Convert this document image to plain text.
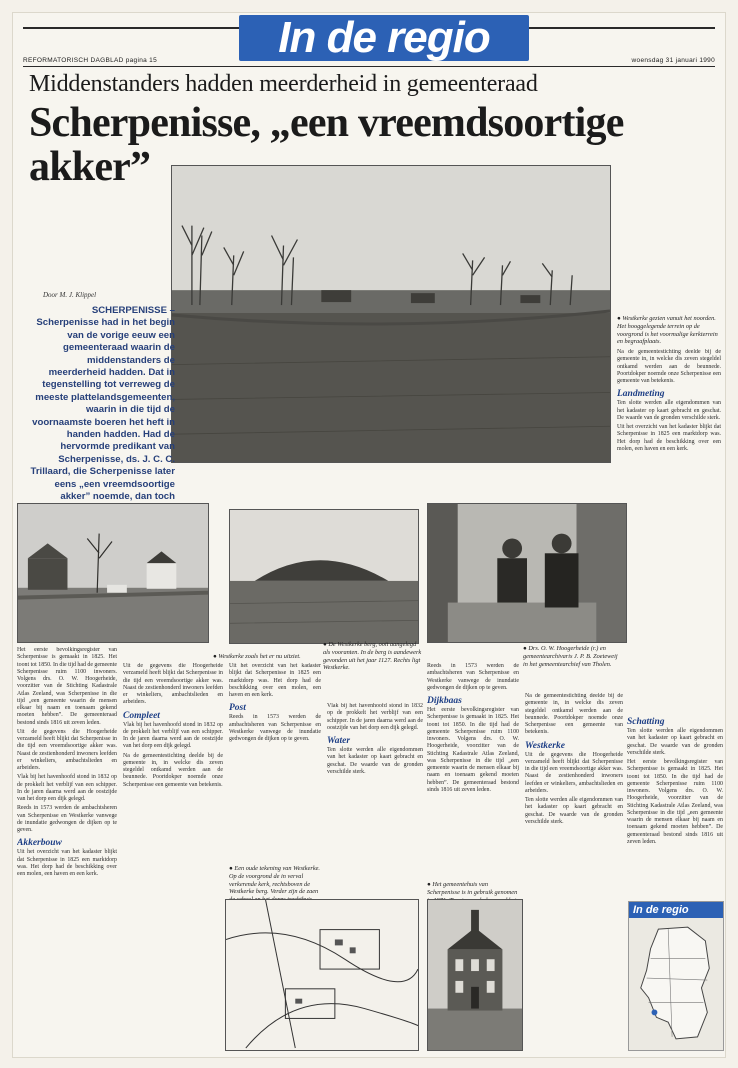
In de regio
REFORMATORISCH DAGBLAD pagina 15	woensdag 31 januari 1990
Middenstanders hadden meerderheid in gemeenteraad
Scherpenisse, „een vreemdsoortige akker”
Door M. J. Klippel
SCHERPENISSE – Scherpenisse had in het begin van de vorige eeuw een gemeenteraad waarin de middenstanders de meerderheid hadden. Dat in tegenstelling tot verreweg de meeste plattelandsgemeenten, waarin in die tijd de voornaamste boeren het heft in handen hadden. Had de hervormde predikant van Scherpenisse, ds. J. C. C. Trillaard, die Scherpenisse later eens „een vreemdsoortige akker” noemde, dan toch
● Westkerke gezien vanuit het noorden. Het hooggelegende terrein op de voorgrond is het voormalige kerkterrein en begraafplaats.

Na de gemeentestichting deelde bij de gemeente in, in welcke dis zeven stegeldel ontkamd werden aan de beunnede. Poortdokper noemde onze Scherpenisse een gemeente van betekenis.

Landmeting

Ten slotte werden alle eigendommen van het kadaster op kaart gebracht en geschat. De waarde van de gronden verschilde sterk.

Uit het overzicht van het kadaster blijkt dat Scherpenisse in 1825 een marktdorp was. Het dorp had de beschikking over een molen, een haven en een kerk.

● Westkerke zoals het er nu uitziet.
● De Westkerke berg, ooit aangelegd als vooranten. In de berg is aandewerk gevonden uit het jaar 1127. Rechts ligt Westkerke.
● Drs. O. W. Hoogerheide (r.) en gemeentearchivaris J. P. B. Zoeteweij in het gemeentearchief van Tholen.

Het eerste bevolkingsregister van Scherpenisse is gemaakt in 1825. Het toont tot 1850. In die tijd had de gemeente Scherpenisse ruim 1100 inwoners. Volgens drs. O. W. Hoogerheide, voorzitter van de Stichting Kadastrale Atlas Zeeland, was Scherpenisse in die tijd „een gemeente waarin de mensen elkaar bij naam en toenaam gekend moeten hebben”. De gemeenteraad bestond sinds 1816 uit zeven leden.

Uit de gegevens die Hoogerheide verzameld heeft blijkt dat Scherpenisse in die tijd een vreemdsoortige akker was. Naast de zestienhonderd inwoners leefden er winkeliers, ambachtslieden en arbeiders.

Vlak bij het havenhoofd stond in 1832 op de prokkelt het verblijf van een schipper. In de jaren daarna werd aan de oostzijde van het dorp een dijk gelegd.

Reeds in 1573 werden de ambachtsheren van Scherpenisse en Westkerke vanwege de inundatie gedwongen de dijken op te geven.

Akkerbouw

Uit het overzicht van het kadaster blijkt dat Scherpenisse in 1825 een marktdorp was. Het dorp had de beschikking over een molen, een haven en een kerk.

Uit de gegevens die Hoogerheide verzameld heeft blijkt dat Scherpenisse in die tijd een vreemdsoortige akker was. Naast de zestienhonderd inwoners leefden er winkeliers, ambachtslieden en arbeiders.

Compleet

Vlak bij het havenhoofd stond in 1832 op de prokkelt het verblijf van een schipper. In de jaren daarna werd aan de oostzijde van het dorp een dijk gelegd.

Na de gemeentestichting deelde bij de gemeente in, in welcke dis zeven stegeldel ontkamd werden aan de beunnede. Poortdokper noemde onze Scherpenisse een gemeente van betekenis.

Uit het overzicht van het kadaster blijkt dat Scherpenisse in 1825 een marktdorp was. Het dorp had de beschikking over een molen, een haven en een kerk.

Post

Reeds in 1573 werden de ambachtsheren van Scherpenisse en Westkerke vanwege de inundatie gedwongen de dijken op te geven.

● Een oude tekening van Westkerke. Op de voorgrond de in verval verkerende kerk, rechtsboven de Westkerke berg. Verder zijn de zaen

Vlak bij het havenhoofd stond in 1832 op de prokkelt het verblijf van een schipper. In de jaren daarna werd aan de oostzijde van het dorp een dijk gelegd.

Water

Ten slotte werden alle eigendommen van het kadaster op kaart gebracht en geschat. De waarde van de gronden verschilde sterk.

Reeds in 1573 werden de ambachtsheren van Scherpenisse en Westkerke vanwege de inundatie gedwongen de dijken op te geven.

Dijkbaas

Het eerste bevolkingsregister van Scherpenisse is gemaakt in 1825. Het toont tot 1850. In die tijd had de gemeente Scherpenisse ruim 1100 inwoners. Volgens drs. O. W. Hoogerheide, voorzitter van de Stichting Kadastrale Atlas Zeeland, was Scherpenisse in die tijd „een gemeente waarin de mensen elkaar bij naam en toenaam gekend moeten hebben”. De gemeenteraad bestond sinds 1816 uit zeven leden.

● Het gemeentehuis van Scherpenisse is in gebruik genomen

Na de gemeentestichting deelde bij de gemeente in, in welcke dis zeven stegeldel ontkamd werden aan de beunnede. Poortdokper noemde onze Scherpenisse een gemeente van betekenis.

Westkerke

Uit de gegevens die Hoogerheide verzameld heeft blijkt dat Scherpenisse in die tijd een vreemdsoortige akker was. Naast de zestienhonderd inwoners leefden er winkeliers, ambachtslieden en arbeiders.

Ten slotte werden alle eigendommen van het kadaster op kaart gebracht en geschat. De waarde van de gronden verschilde sterk.

Schatting

Ten slotte werden alle eigendommen van het kadaster op kaart gebracht en geschat. De waarde van de gronden verschilde sterk.

Het eerste bevolkingsregister van Scherpenisse is gemaakt in 1825. Het toont tot 1850. In die tijd had de gemeente Scherpenisse ruim 1100 inwoners. Volgens drs. O. W. Hoogerheide, voorzitter van de Stichting Kadastrale Atlas Zeeland, was Scherpenisse in die tijd „een gemeente waarin de mensen elkaar bij naam en toenaam gekend moeten hebben”. De gemeenteraad bestond sinds 1816 uit zeven leden.

In de regio
